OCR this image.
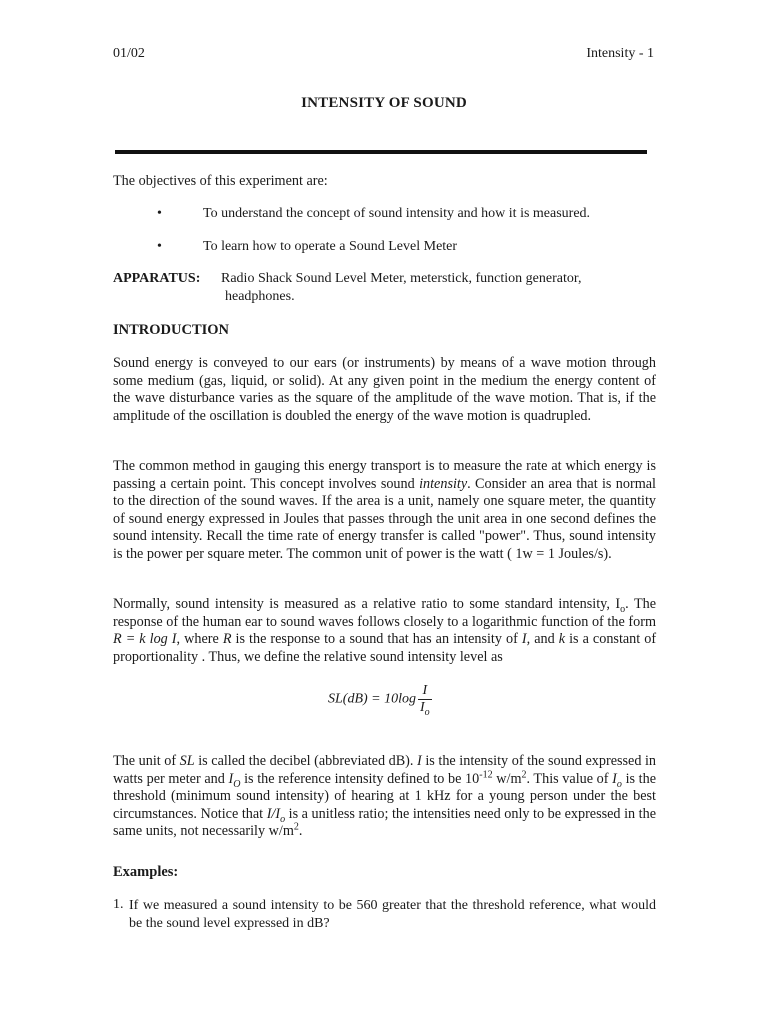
01/02	Intensity - 1
INTENSITY OF SOUND
The objectives of this experiment are:
•	To understand the concept of sound intensity and how it is measured.
•	To learn how to operate a Sound Level Meter
APPARATUS: Radio Shack Sound Level Meter, meterstick, function generator,
headphones.
INTRODUCTION
Sound energy is conveyed to our ears (or instruments) by means of a wave motion through some medium (gas, liquid, or solid). At any given point in the medium the energy content of the wave disturbance varies as the square of the amplitude of the wave motion. That is, if the amplitude of the oscillation is doubled the energy of the wave motion is quadrupled.
The common method in gauging this energy transport is to measure the rate at which energy is passing a certain point. This concept involves sound intensity. Consider an area that is normal to the direction of the sound waves. If the area is a unit, namely one square meter, the quantity of sound energy expressed in Joules that passes through the unit area in one second defines the sound intensity. Recall the time rate of energy transfer is called "power". Thus, sound intensity is the power per square meter. The common unit of power is the watt ( 1w = 1 Joules/s).
Normally, sound intensity is measured as a relative ratio to some standard intensity, $I_o$. The response of the human ear to sound waves follows closely to a logarithmic function of the form R = k log I, where R is the response to a sound that has an intensity of I, and k is a constant of proportionality . Thus, we define the relative sound intensity level as
$SL(dB) = 10\log \frac{I}{I_o}$
The unit of SL is called the decibel (abbreviated dB). I is the intensity of the sound expressed in watts per meter and $I_O$ is the reference intensity defined to be $10^{-12}$ $w/m^2$. This value of $I_o$ is the threshold (minimum sound intensity) of hearing at 1 kHz for a young person under the best circumstances. Notice that $I/I_o$ is a unitless ratio; the intensities need only to be expressed in the same units, not necessarily $w/m^2$.
Examples:
1. If we measured a sound intensity to be 560 greater that the threshold reference, what would be the sound level expressed in dB?
